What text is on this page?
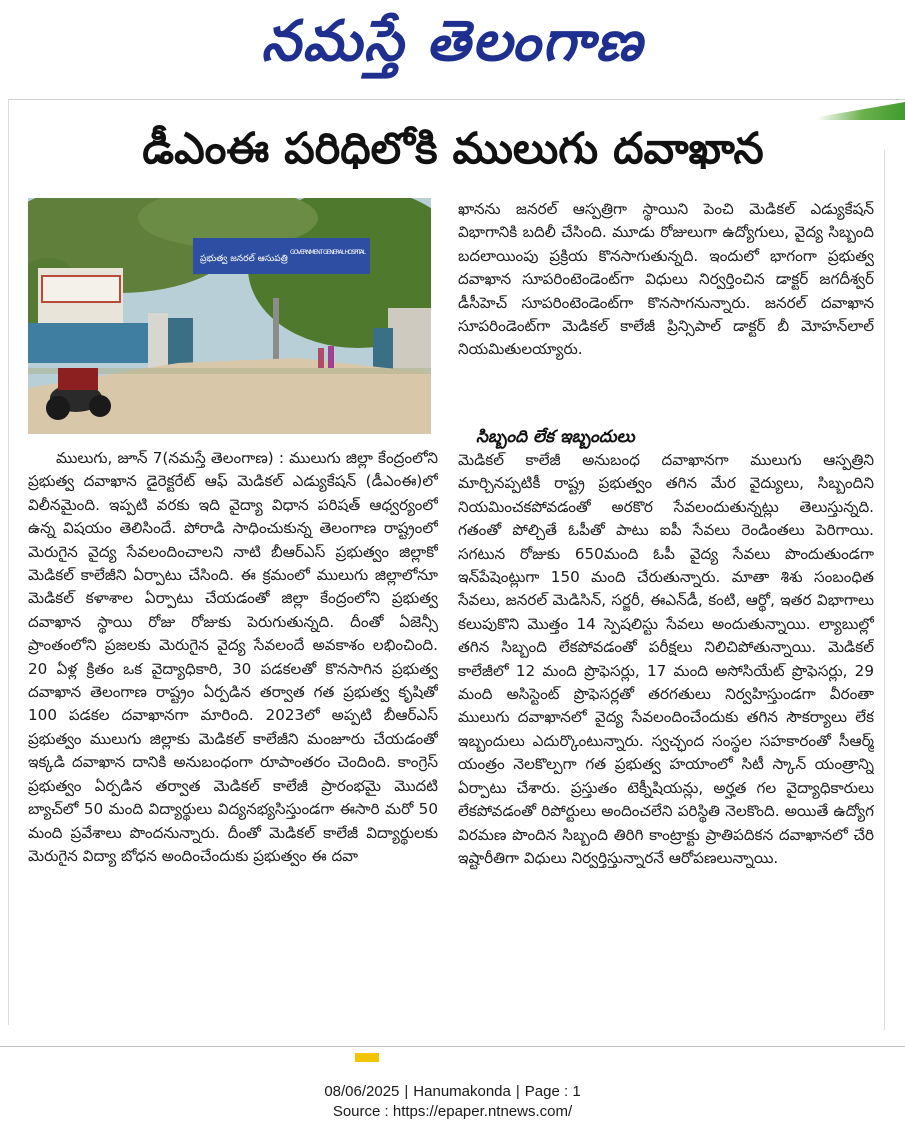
నమస్తే తెలంగాణ
డీఎంఈ పరిధిలోకి ములుగు దవాఖాన
ప్రభుత్వ జనరల్ ఆసుపత్రి
GOVERNMENT GENERAL HOSPITAL
ములుగు, జూన్ 7(నమస్తే తెలంగాణ) : ములుగు జిల్లా కేంద్రంలోని ప్రభుత్వ దవాఖాన డైరెక్టరేట్ ఆఫ్ మెడికల్ ఎడ్యుకేషన్ (డీఎంఈ)లో విలీనమైంది. ఇప్పటి వరకు ఇది వైద్యా విధాన పరిషత్ ఆధ్వర్యంలో ఉన్న విషయం తెలిసిందే. పోరాడి సాధించుకున్న తెలంగాణ రాష్ట్రంలో మెరుగైన వైద్య సేవలందించాలని నాటి బీఆర్ఎస్ ప్రభుత్వం జిల్లాకో మెడికల్ కాలేజీని ఏర్పాటు చేసింది. ఈ క్రమంలో ములుగు జిల్లాలోనూ మెడికల్ కళాశాల ఏర్పాటు చేయడంతో జిల్లా కేంద్రంలోని ప్రభుత్వ దవాఖాన స్థాయి రోజు రోజుకు పెరుగుతున్నది. దీంతో ఏజెన్సీ ప్రాంతంలోని ప్రజలకు మెరుగైన వైద్య సేవలందే అవకాశం లభించింది. 20 ఏళ్ల క్రితం ఒక వైద్యాధికారి, 30 పడకలతో కొనసాగిన ప్రభుత్వ దవాఖాన తెలంగాణ రాష్ట్రం ఏర్పడిన తర్వాత గత ప్రభుత్వ కృషితో 100 పడకల దవాఖానగా మారింది. 2023లో అప్పటి బీఆర్ఎస్ ప్రభుత్వం ములుగు జిల్లాకు మెడికల్ కాలేజీని మంజూరు చేయడంతో ఇక్కడి దవాఖాన దానికి అనుబంధంగా రూపాంతరం చెందింది. కాంగ్రెస్ ప్రభుత్వం ఏర్పడిన తర్వాత మెడికల్ కాలేజీ ప్రారంభమై మొదటి బ్యాచ్‌లో 50 మంది విద్యార్థులు విద్యనభ్యసిస్తుండగా ఈసారి మరో 50 మంది ప్రవేశాలు పొందనున్నారు. దీంతో మెడికల్ కాలేజీ విద్యార్థులకు మెరుగైన విద్యా బోధన అందించేందుకు ప్రభుత్వం ఈ దవా
ఖానను జనరల్ ఆస్పత్రిగా స్థాయిని పెంచి మెడికల్ ఎడ్యుకేషన్ విభాగానికి బదిలీ చేసింది. మూడు రోజులుగా ఉద్యోగులు, వైద్య సిబ్బంది బదలాయింపు ప్రక్రియ కొనసాగుతున్నది. ఇందులో భాగంగా ప్రభుత్వ దవాఖాన సూపరింటెండెంట్‌గా విధులు నిర్వర్తించిన డాక్టర్ జగదీశ్వర్ డీసీహెచ్ సూపరింటెండెంట్‌గా కొనసాగనున్నారు. జనరల్ దవాఖాన సూపరిండెంట్‌గా మెడికల్ కాలేజీ ప్రిన్సిపాల్ డాక్టర్ బీ మోహన్‌లాల్ నియమితులయ్యారు.
సిబ్బంది లేక ఇబ్బందులు
మెడికల్ కాలేజీ అనుబంధ దవాఖానగా ములుగు ఆస్పత్రిని మార్చినప్పటికీ రాష్ట్ర ప్రభుత్వం తగిన మేర వైద్యులు, సిబ్బందిని నియమించకపోవడంతో అరకొర సేవలందుతున్నట్లు తెలుస్తున్నది. గతంతో పోల్చితే ఓపీతో పాటు ఐపీ సేవలు రెండింతలు పెరిగాయి. సగటున రోజుకు 650మంది ఓపీ వైద్య సేవలు పొందుతుండగా ఇన్‌పేషెంట్లుగా 150 మంది చేరుతున్నారు. మాతా శిశు సంబంధిత సేవలు, జనరల్ మెడిసిన్, సర్జరీ, ఈఎన్‌డీ, కంటి, ఆర్థో, ఇతర విభాగాలు కలుపుకొని మొత్తం 14 స్పెషలిస్టు సేవలు అందుతున్నాయి. ల్యాబుల్లో తగిన సిబ్బంది లేకపోవడంతో పరీక్షలు నిలిచిపోతున్నాయి. మెడికల్ కాలేజీలో 12 మంది ప్రొఫెసర్లు, 17 మంది అసోసియేట్ ప్రొఫెసర్లు, 29 మంది అసిస్టెంట్ ప్రొఫెసర్లతో తరగతులు నిర్వహిస్తుండగా వీరంతా ములుగు దవాఖానలో వైద్య సేవలందించేందుకు తగిన సౌకర్యాలు లేక ఇబ్బందులు ఎదుర్కొంటున్నారు. స్వచ్ఛంద సంస్థల సహకారంతో సీఆర్మ్ యంత్రం నెలకొల్పగా గత ప్రభుత్వ హయాంలో సిటీ స్కాన్ యంత్రాన్ని ఏర్పాటు చేశారు. ప్రస్తుతం టెక్నీషియన్లు, అర్హత గల వైద్యాధికారులు లేకపోవడంతో రిపోర్టులు అందించలేని పరిస్థితి నెలకొంది. అయితే ఉద్యోగ విరమణ పొందిన సిబ్బంది తిరిగి కాంట్రాక్టు ప్రాతిపదికన దవాఖానలో చేరి ఇష్టారీతిగా విధులు నిర్వర్తిస్తున్నారనే ఆరోపణలున్నాయి.
08/06/2025 | Hanumakonda | Page : 1
Source : https://epaper.ntnews.com/
